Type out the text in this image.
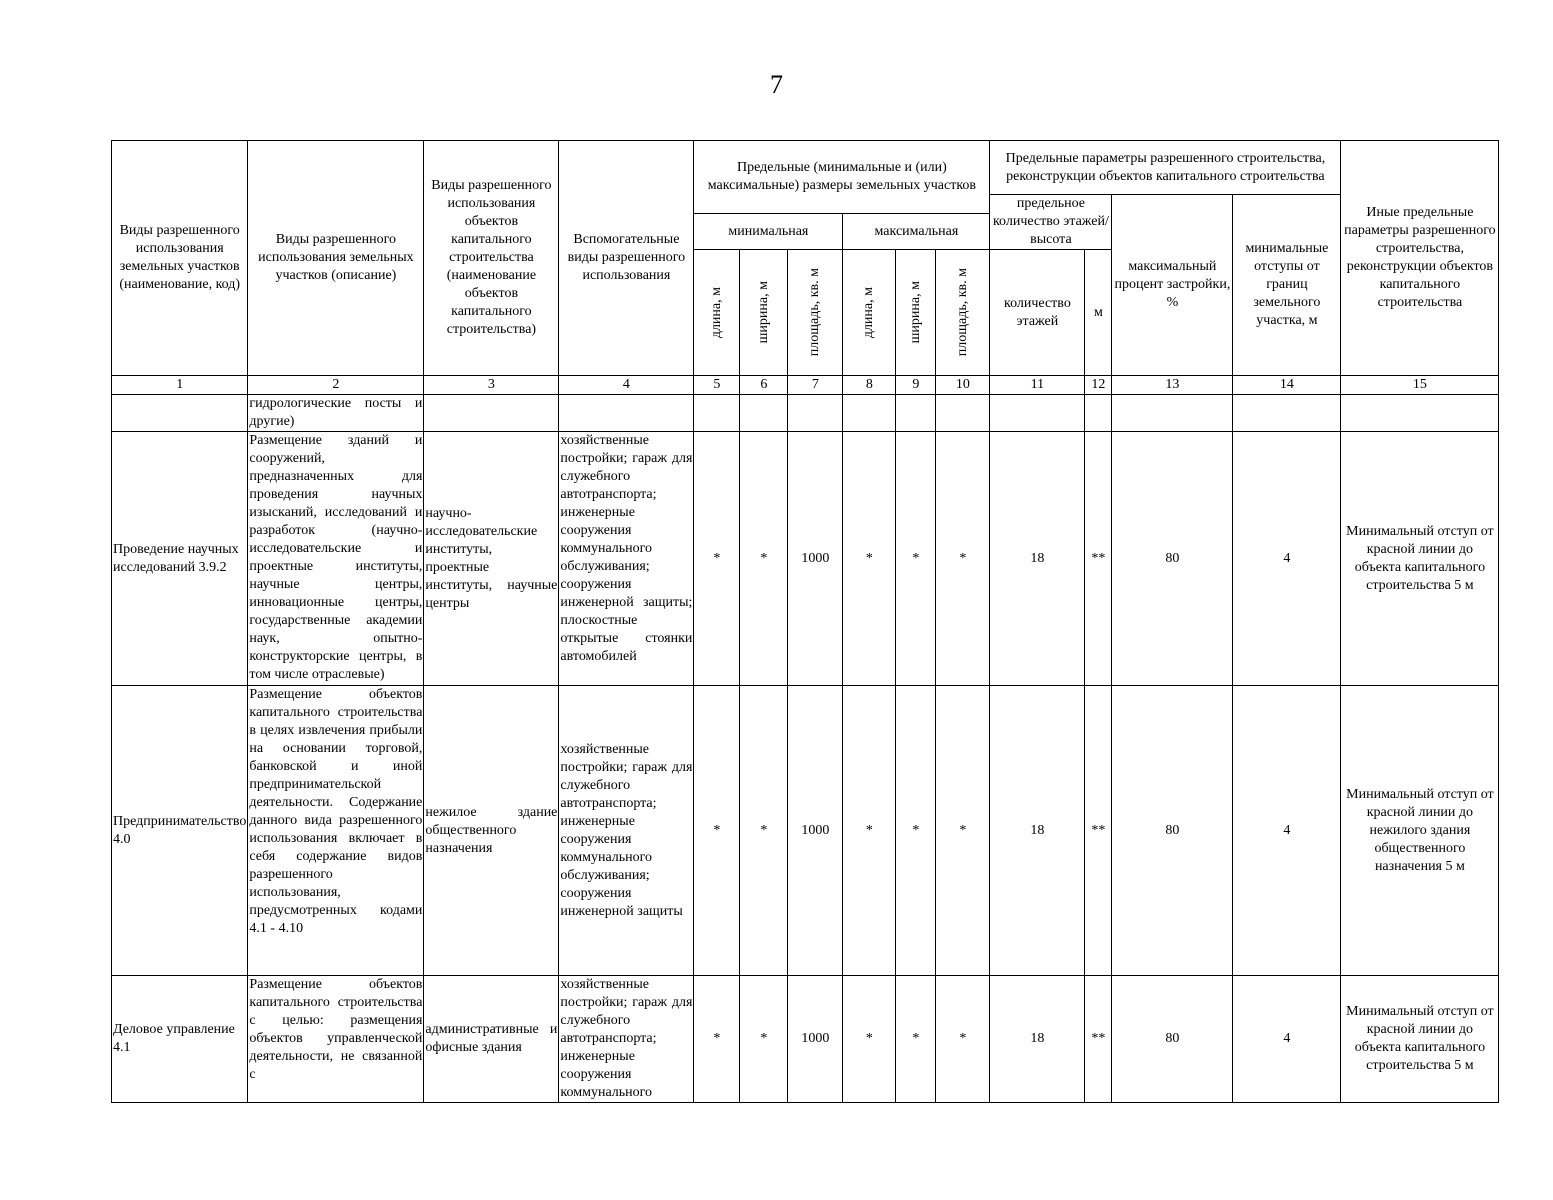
7
Виды разрешенного использования земельных участков (наименование, код)	Виды разрешенного использования земельных участков (описание)	Виды разрешенного использования объектов капитального строительства (наименование объектов капитального строительства)	Вспомогательные виды разрешенного использования	Предельные (минимальные и (или) максимальные) размеры земельных участков						Предельные параметры разрешенного строительства, реконструкции объектов капитального строительства				Иные предельные параметры разрешенного строительства, реконструкции объектов капитального строительства
										предельное количество этажей/высота		максимальный процент застройки, %	минимальные отступы от границ земельного участка, м	
				минимальная			максимальная							

				длина, м	ширина, м	площадь, кв. м	длина, м	ширина, м	площадь, кв. м	количество этажей	м			
1	2	3	4	5	6	7	8	9	10	11	12	13	14	15
	гидрологические посты и другие)													
Проведение научных исследований 3.9.2	Размещение зданий и сооружений, предназначенных для проведения научных изысканий, исследований и разработок (научно-исследовательские и проектные институты, научные центры, инновационные центры, государственные академии наук, опытно-конструкторские центры, в том числе отраслевые)	научно-исследовательские институты, проектные институты, научные центры	хозяйственные постройки; гараж для служебного автотранспорта; инженерные сооружения коммунального обслуживания; сооружения инженерной защиты; плоскостные открытые стоянки автомобилей	*	*	1000	*	*	*	18	**	80	4	Минимальный отступ от красной линии до объекта капитального строительства 5 м
Предпринимательство 4.0	Размещение объектов капитального строительства в целях извлечения прибыли на основании торговой, банковской и иной предпринимательской деятельности. Содержание данного вида разрешенного использования включает в себя содержание видов разрешенного использования, предусмотренных кодами 4.1 - 4.10	нежилое здание общественного назначения	хозяйственные постройки; гараж для служебного автотранспорта; инженерные сооружения коммунального обслуживания; сооружения инженерной защиты	*	*	1000	*	*	*	18	**	80	4	Минимальный отступ от красной линии до нежилого здания общественного назначения 5 м
Деловое управление 4.1	Размещение объектов капитального строительства с целью: размещения объектов управленческой деятельности, не связанной с	административные и офисные здания	хозяйственные постройки; гараж для служебного автотранспорта; инженерные сооружения коммунального	*	*	1000	*	*	*	18	**	80	4	Минимальный отступ от красной линии до объекта капитального строительства 5 м
